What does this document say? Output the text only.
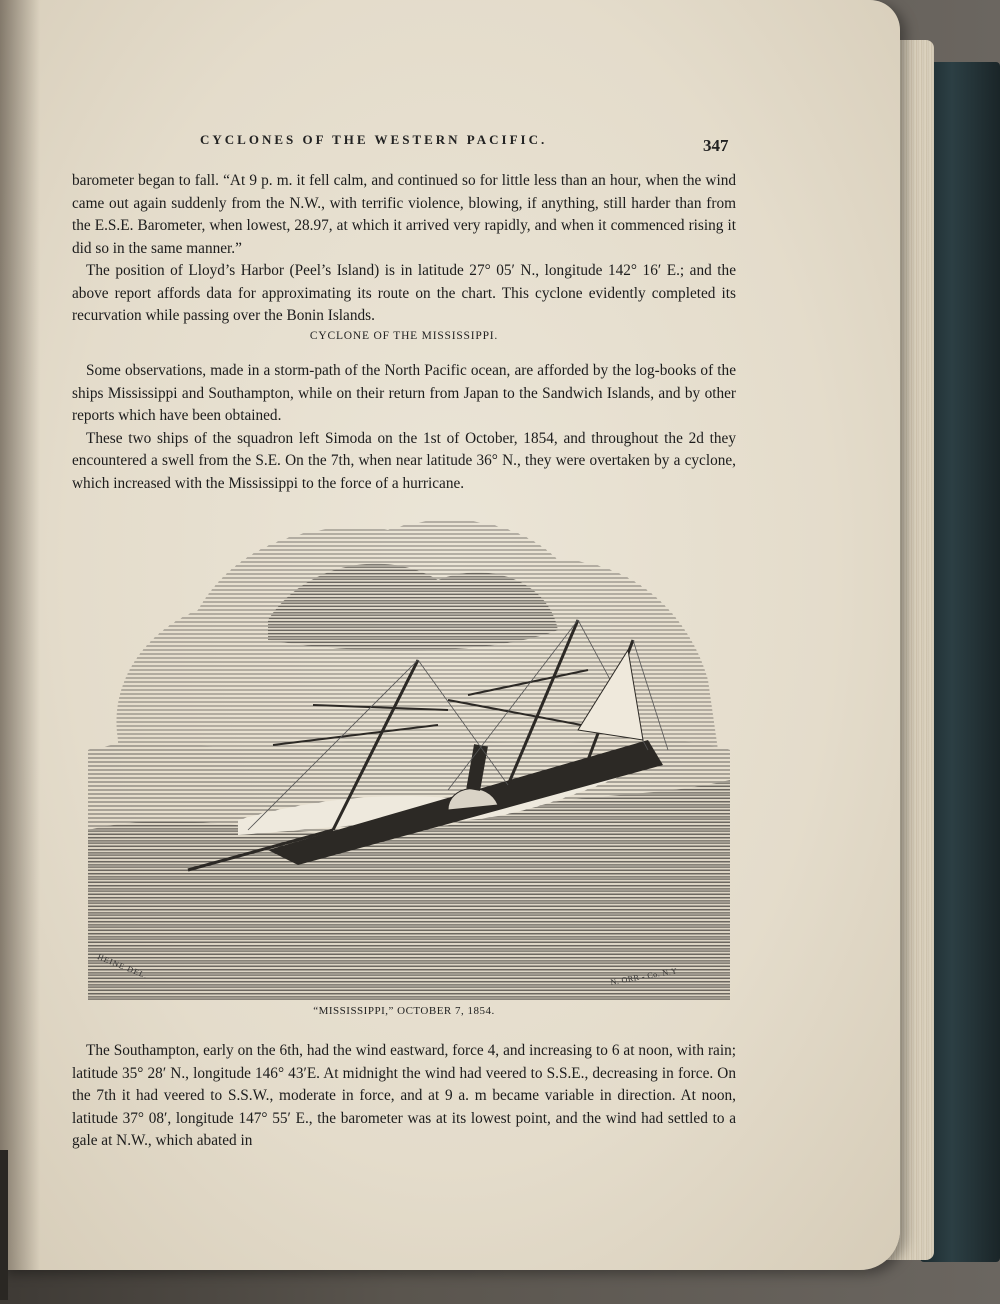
CYCLONES OF THE WESTERN PACIFIC.	347

barometer began to fall. “At 9 p. m. it fell calm, and continued so for little less than an hour, when the wind came out again suddenly from the N.W., with terrific violence, blowing, if anything, still harder than from the E.S.E. Barometer, when lowest, 28.97, at which it arrived very rapidly, and when it commenced rising it did so in the same manner.”

The position of Lloyd’s Harbor (Peel’s Island) is in latitude 27° 05′ N., longitude 142° 16′ E.; and the above report affords data for approximating its route on the chart. This cyclone evidently completed its recurvation while passing over the Bonin Islands.

CYCLONE OF THE MISSISSIPPI.

Some observations, made in a storm-path of the North Pacific ocean, are afforded by the log-books of the ships Mississippi and Southampton, while on their return from Japan to the Sandwich Islands, and by other reports which have been obtained.

These two ships of the squadron left Simoda on the 1st of October, 1854, and throughout the 2d they encountered a swell from the S.E. On the 7th, when near latitude 36° N., they were overtaken by a cyclone, which increased with the Mississippi to the force of a hurricane.

HEINE DEL.	N. ORR - Co. N.Y
“MISSISSIPPI,” OCTOBER 7, 1854.

The Southampton, early on the 6th, had the wind eastward, force 4, and increasing to 6 at noon, with rain; latitude 35° 28′ N., longitude 146° 43′E. At midnight the wind had veered to S.S.E., decreasing in force. On the 7th it had veered to S.S.W., moderate in force, and at 9 a. m became variable in direction. At noon, latitude 37° 08′, longitude 147° 55′ E., the barometer was at its lowest point, and the wind had settled to a gale at N.W., which abated in
